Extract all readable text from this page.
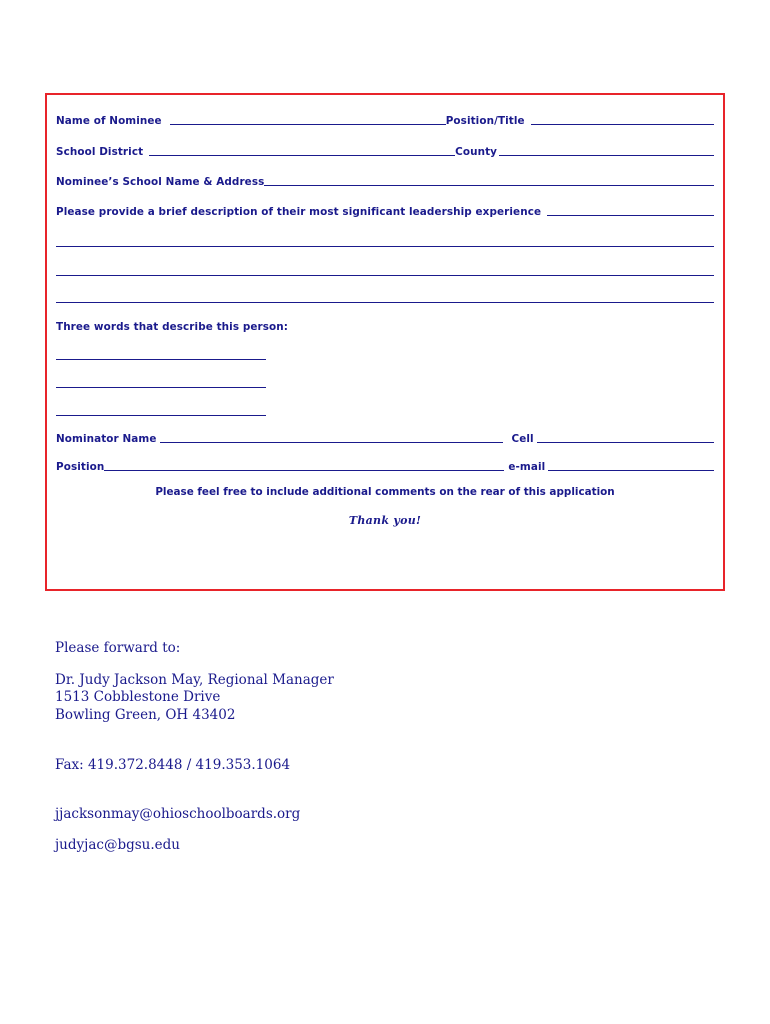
Name of Nominee	Position/Title
School District	County
Nominee’s School Name & Address
Please provide a brief description of their most significant leadership experience
Three words that describe this person:
Nominator Name	Cell
Position	e-mail
Please feel free to include additional comments on the rear of this application
Thank you!
Please forward to:
Dr. Judy Jackson May, Regional Manager
1513 Cobblestone Drive
Bowling Green, OH 43402
Fax: 419.372.8448 / 419.353.1064
jjacksonmay@ohioschoolboards.org
judyjac@bgsu.edu
